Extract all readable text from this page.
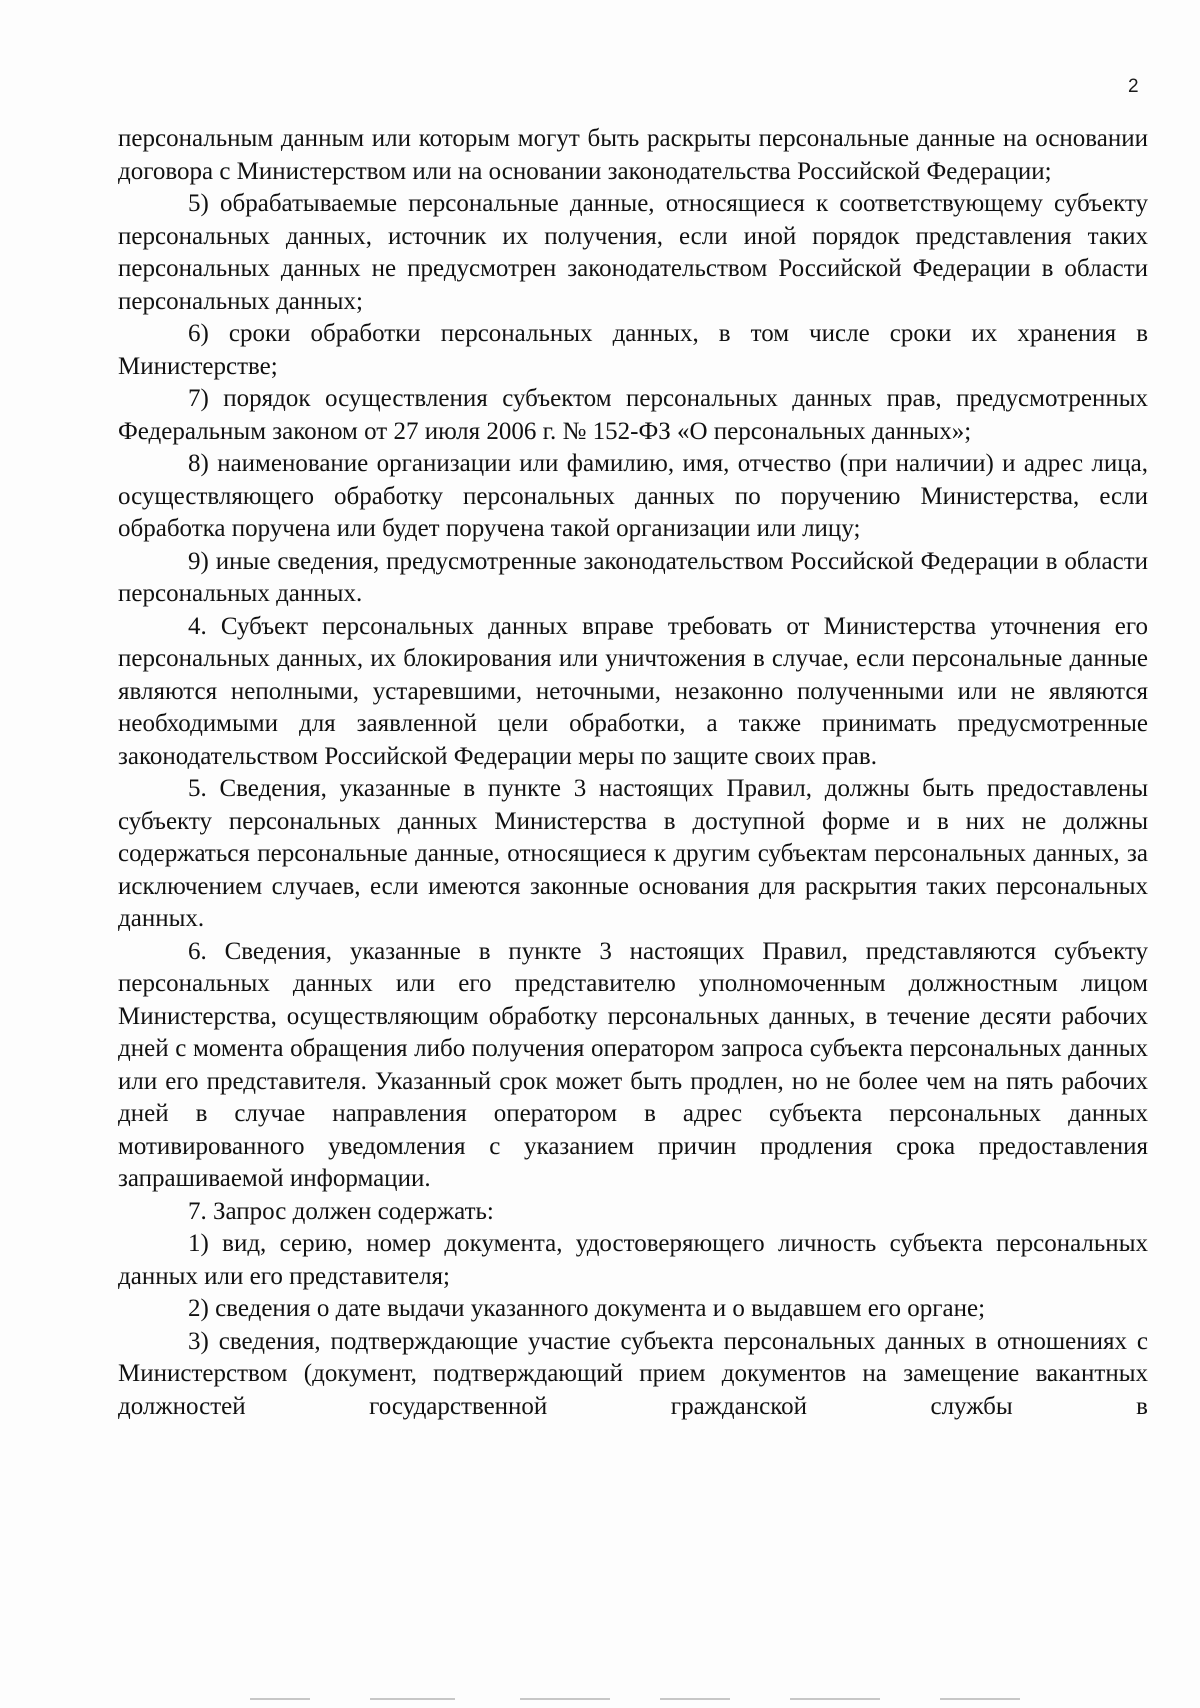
2

персональным данным или которым могут быть раскрыты персональные данные на основании договора с Министерством или на основании законодательства Российской Федерации;

5) обрабатываемые персональные данные, относящиеся к соответствующему субъекту персональных данных, источник их получения, если иной порядок представления таких персональных данных не предусмотрен законодательством Российской Федерации в области персональных данных;

6) сроки обработки персональных данных, в том числе сроки их хранения в Министерстве;

7) порядок осуществления субъектом персональных данных прав, предусмотренных Федеральным законом от 27 июля 2006 г. № 152-ФЗ «О персональных данных»;

8) наименование организации или фамилию, имя, отчество (при наличии) и адрес лица, осуществляющего обработку персональных данных по поручению Министерства, если обработка поручена или будет поручена такой организации или лицу;

9) иные сведения, предусмотренные законодательством Российской Федерации в области персональных данных.

4. Субъект персональных данных вправе требовать от Министерства уточнения его персональных данных, их блокирования или уничтожения в случае, если персональные данные являются неполными, устаревшими, неточными, незаконно полученными или не являются необходимыми для заявленной цели обработки, а также принимать предусмотренные законодательством Российской Федерации меры по защите своих прав.

5. Сведения, указанные в пункте 3 настоящих Правил, должны быть предоставлены субъекту персональных данных Министерства в доступной форме и в них не должны содержаться персональные данные, относящиеся к другим субъектам персональных данных, за исключением случаев, если имеются законные основания для раскрытия таких персональных данных.

6. Сведения, указанные в пункте 3 настоящих Правил, представляются субъекту персональных данных или его представителю уполномоченным должностным лицом Министерства, осуществляющим обработку персональных данных, в течение десяти рабочих дней с момента обращения либо получения оператором запроса субъекта персональных данных или его представителя. Указанный срок может быть продлен, но не более чем на пять рабочих дней в случае направления оператором в адрес субъекта персональных данных мотивированного уведомления с указанием причин продления срока предоставления запрашиваемой информации.

7. Запрос должен содержать:

1) вид, серию, номер документа, удостоверяющего личность субъекта персональных данных или его представителя;

2) сведения о дате выдачи указанного документа и о выдавшем его органе;

3) сведения, подтверждающие участие субъекта персональных данных в отношениях с Министерством (документ, подтверждающий прием документов на замещение вакантных должностей государственной гражданской службы в
